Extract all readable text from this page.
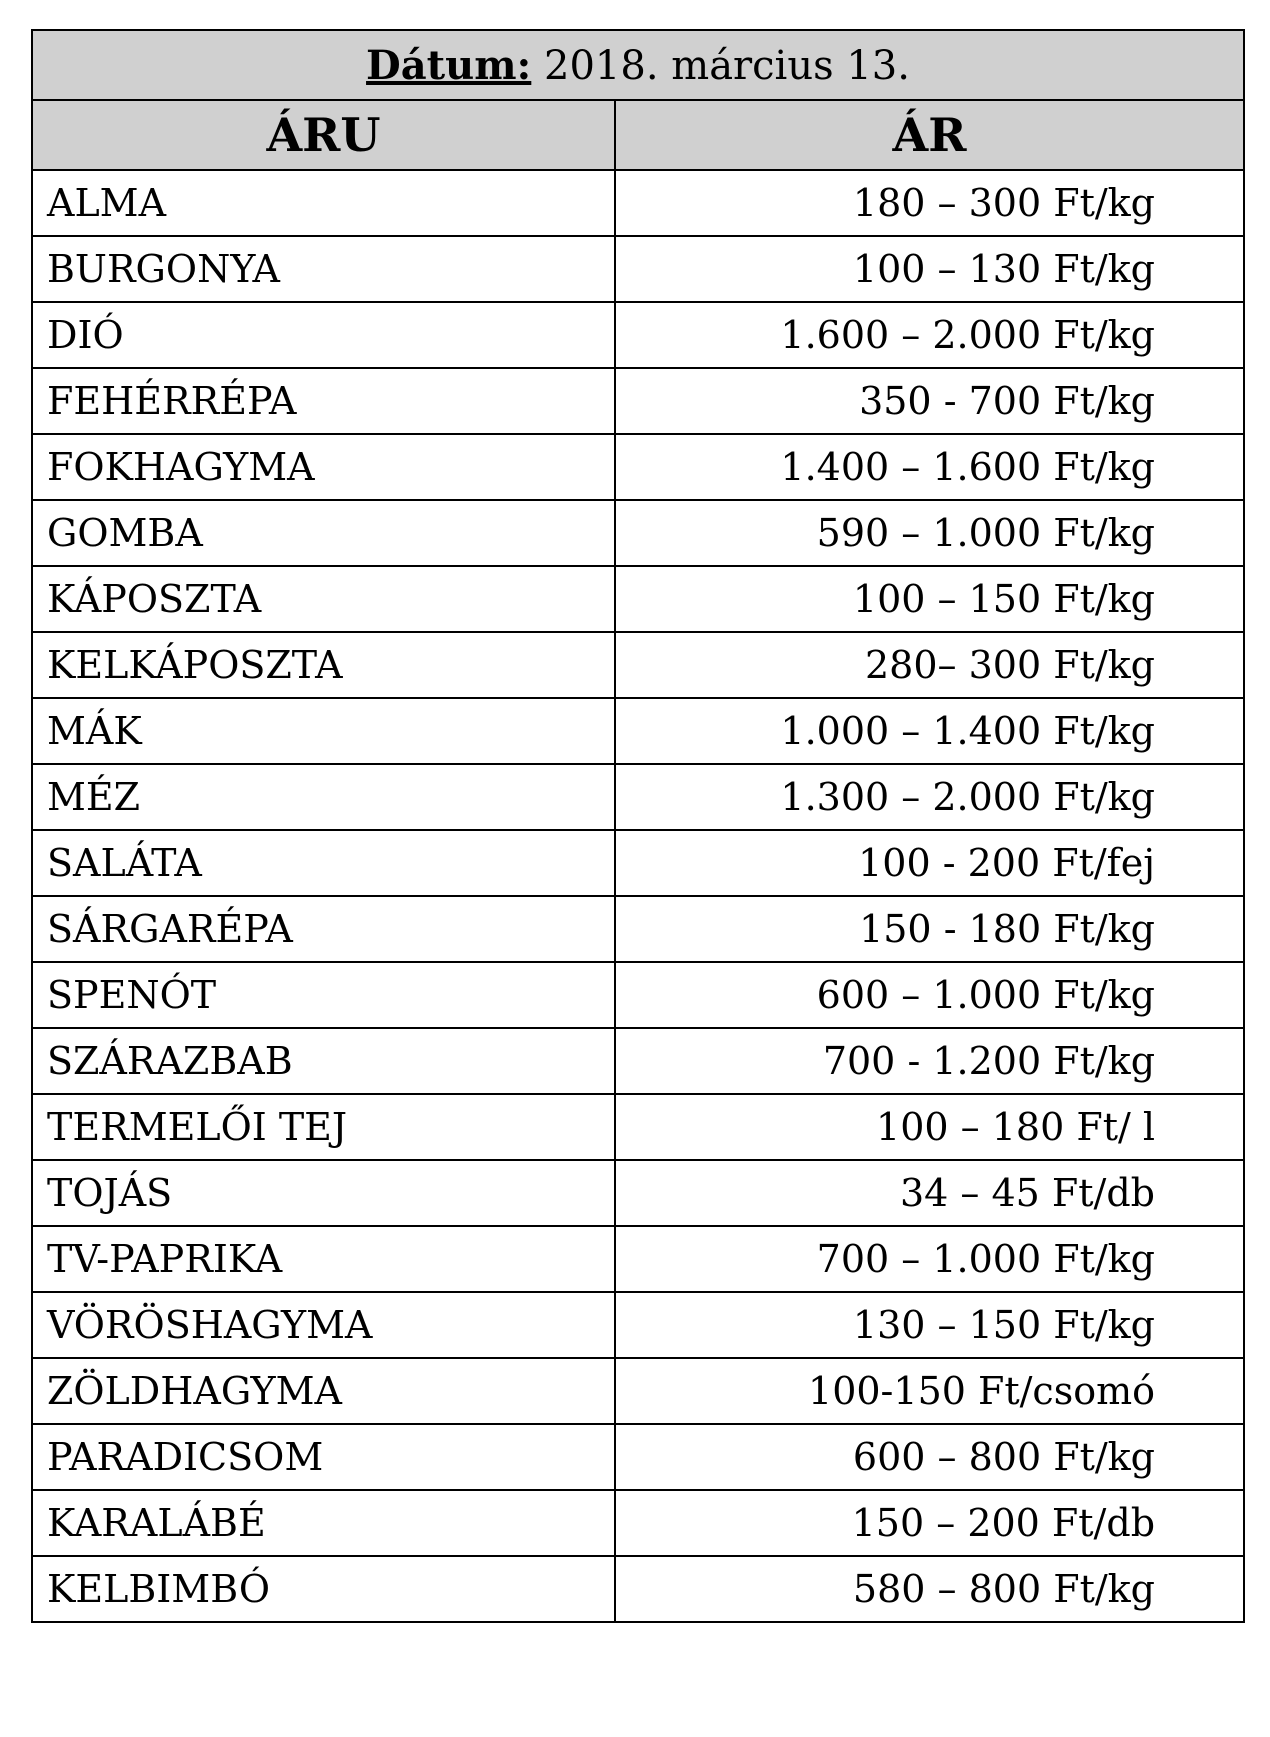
Dátum: 2018. március 13.	
ÁRU	ÁR
ALMA	180 – 300 Ft/kg
BURGONYA	100 – 130 Ft/kg
DIÓ	1.600 – 2.000 Ft/kg
FEHÉRRÉPA	350 - 700 Ft/kg
FOKHAGYMA	1.400 – 1.600 Ft/kg
GOMBA	590 – 1.000 Ft/kg
KÁPOSZTA	100 – 150 Ft/kg
KELKÁPOSZTA	280– 300 Ft/kg
MÁK	1.000 – 1.400 Ft/kg
MÉZ	1.300 – 2.000 Ft/kg
SALÁTA	100 - 200 Ft/fej
SÁRGARÉPA	150 - 180 Ft/kg
SPENÓT	600 – 1.000 Ft/kg
SZÁRAZBAB	700 - 1.200 Ft/kg
TERMELŐI TEJ	100 – 180 Ft/ l
TOJÁS	34 – 45 Ft/db
TV-PAPRIKA	700 – 1.000 Ft/kg
VÖRÖSHAGYMA	130 – 150 Ft/kg
ZÖLDHAGYMA	100-150 Ft/csomó
PARADICSOM	600 – 800 Ft/kg
KARALÁBÉ	150 – 200 Ft/db
KELBIMBÓ	580 – 800 Ft/kg
